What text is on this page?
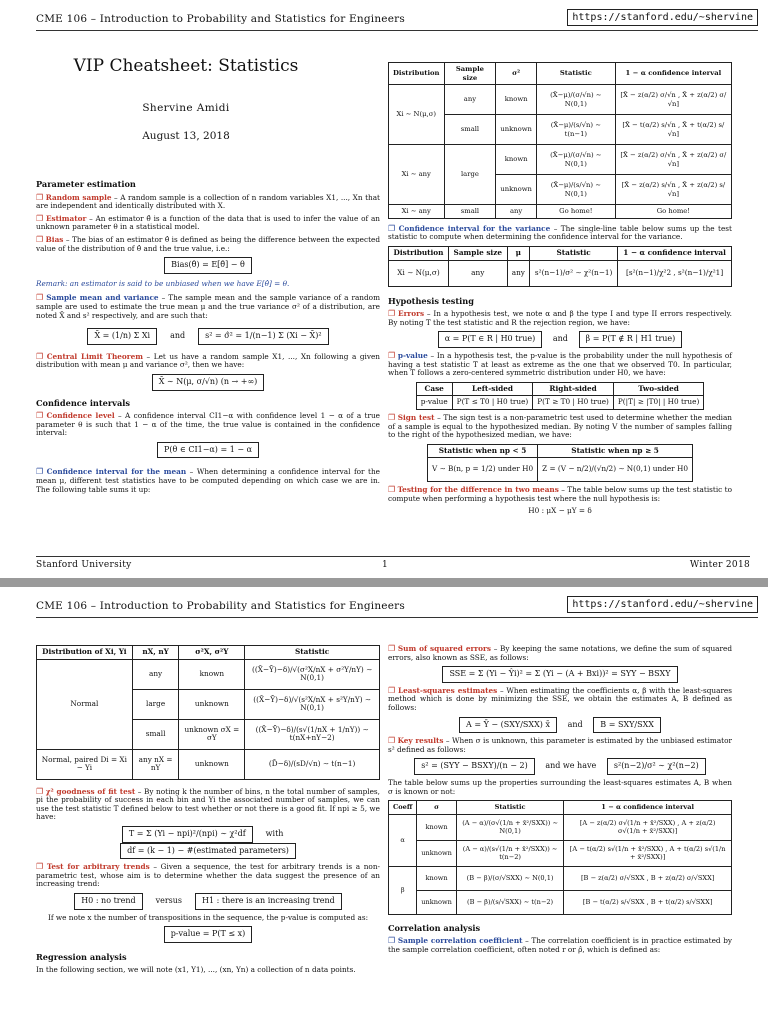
CME 106 – Introduction to Probability and Statistics for Engineers	https://stanford.edu/~shervine
VIP Cheatsheet: Statistics
Shervine Amidi
August 13, 2018
Parameter estimation

❐ Random sample – A random sample is a collection of n random variables X1, ..., Xn that are independent and identically distributed with X.

❐ Estimator – An estimator θ̂ is a function of the data that is used to infer the value of an unknown parameter θ in a statistical model.

❐ Bias – The bias of an estimator θ̂ is defined as being the difference between the expected value of the distribution of θ̂ and the true value, i.e.:

Bias(θ̂) = E[θ̂] − θ
Remark: an estimator is said to be unbiased when we have E[θ̂] = θ.

❐ Sample mean and variance – The sample mean and the sample variance of a random sample are used to estimate the true mean μ and the true variance σ² of a distribution, are noted X̄ and s² respectively, and are such that:

X̄ = (1/n) Σ Xi and s² = σ̂² = 1/(n−1) Σ (Xi − X̄)²

❐ Central Limit Theorem – Let us have a random sample X1, ..., Xn following a given distribution with mean μ and variance σ², then we have:

X̄ ∼ N(μ, σ/√n) (n → +∞)
Confidence intervals

❐ Confidence level – A confidence interval CI1−α with confidence level 1 − α of a true parameter θ is such that 1 − α of the time, the true value is contained in the confidence interval:

P(θ ∈ CI1−α) = 1 − α

❐ Confidence interval for the mean – When determining a confidence interval for the mean μ, different test statistics have to be computed depending on which case we are in. The following table sums it up:

Distribution	Sample size	σ²	Statistic	1 − α confidence interval
Xi ∼ N(μ,σ)	any	known	(X̄−μ)/(σ/√n) ∼ N(0,1)	[X̄ − z(α/2) σ/√n , X̄ + z(α/2) σ/√n]
	small	unknown	(X̄−μ)/(s/√n) ∼ t(n−1)	[X̄ − t(α/2) s/√n , X̄ + t(α/2) s/√n]
Xi ∼ any	large	known	(X̄−μ)/(σ/√n) ∼ N(0,1)	[X̄ − z(α/2) σ/√n , X̄ + z(α/2) σ/√n]
		unknown	(X̄−μ)/(s/√n) ∼ N(0,1)	[X̄ − z(α/2) s/√n , X̄ + z(α/2) s/√n]
Xi ∼ any	small	any	Go home!	Go home!

❐ Confidence interval for the variance – The single-line table below sums up the test statistic to compute when determining the confidence interval for the variance.

Distribution	Sample size	μ	Statistic	1 − α confidence interval
Xi ∼ N(μ,σ)	any	any	s²(n−1)/σ² ∼ χ²(n−1)	[s²(n−1)/χ²2 , s²(n−1)/χ²1]
Hypothesis testing

❐ Errors – In a hypothesis test, we note α and β the type I and type II errors respectively. By noting T the test statistic and R the rejection region, we have:

α = P(T ∈ R | H0 true) and β = P(T ∉ R | H1 true)

❐ p-value – In a hypothesis test, the p-value is the probability under the null hypothesis of having a test statistic T at least as extreme as the one that we observed T0. In particular, when T follows a zero-centered symmetric distribution under H0, we have:

Case	Left-sided	Right-sided	Two-sided
p-value	P(T ≤ T0 | H0 true)	P(T ≥ T0 | H0 true)	P(|T| ≥ |T0| | H0 true)

❐ Sign test – The sign test is a non-parametric test used to determine whether the median of a sample is equal to the hypothesized median. By noting V the number of samples falling to the right of the hypothesized median, we have:

Statistic when np < 5	Statistic when np ≥ 5
V ∼ B(n, p = 1/2) under H0	Z = (V − n/2)/(√n/2) ∼ N(0,1) under H0

❐ Testing for the difference in two means – The table below sums up the test statistic to compute when performing a hypothesis test where the null hypothesis is:

H0 : μX − μY = δ
Stanford University	1	Winter 2018
CME 106 – Introduction to Probability and Statistics for Engineers	https://stanford.edu/~shervine
Distribution of Xi, Yi	nX, nY	σ²X, σ²Y	Statistic
Normal	any	known	((X̄−Ȳ)−δ)/√(σ²X/nX + σ²Y/nY) ∼ N(0,1)
	large	unknown	((X̄−Ȳ)−δ)/√(s²X/nX + s²Y/nY) ∼ N(0,1)
	small	unknown σX = σY	((X̄−Ȳ)−δ)/(s√(1/nX + 1/nY)) ∼ t(nX+nY−2)
Normal, paired Di = Xi − Yi	any nX = nY	unknown	(D̄−δ)/(sD/√n) ∼ t(n−1)

❐ χ² goodness of fit test – By noting k the number of bins, n the total number of samples, pi the probability of success in each bin and Yi the associated number of samples, we can use the test statistic T defined below to test whether or not there is a good fit. If npi ≥ 5, we have:

T = Σ (Yi − npi)²/(npi) ∼ χ²df with   df = (k − 1) − #(estimated parameters)

❐ Test for arbitrary trends – Given a sequence, the test for arbitrary trends is a non-parametric test, whose aim is to determine whether the data suggest the presence of an increasing trend:

H0 : no trend versus H1 : there is an increasing trend

If we note x the number of transpositions in the sequence, the p-value is computed as:

p-value = P(T ≤ x)
Regression analysis

In the following section, we will note (x1, Y1), ..., (xn, Yn) a collection of n data points.

❐ Sum of squared errors – By keeping the same notations, we define the sum of squared errors, also known as SSE, as follows:

SSE = Σ (Yi − Ŷi)² = Σ (Yi − (A + Bxi))² = SYY − BSXY

❐ Least-squares estimates – When estimating the coefficients α, β with the least-squares method which is done by minimizing the SSE, we obtain the estimates A, B defined as follows:

A = Ȳ − (SXY/SXX) x̄ and B = SXY/SXX

❐ Key results – When σ is unknown, this parameter is estimated by the unbiased estimator s² defined as follows:

s² = (SYY − BSXY)/(n − 2) and we have s²(n−2)/σ² ∼ χ²(n−2)

The table below sums up the properties surrounding the least-squares estimates A, B when σ is known or not:

Coeff	σ	Statistic	1 − α confidence interval
α	known	(A − α)/(σ√(1/n + x̄²/SXX)) ∼ N(0,1)	[A − z(α/2) σ√(1/n + x̄²/SXX) , A + z(α/2) σ√(1/n + x̄²/SXX)]
	unknown	(A − α)/(s√(1/n + x̄²/SXX)) ∼ t(n−2)	[A − t(α/2) s√(1/n + x̄²/SXX) , A + t(α/2) s√(1/n + x̄²/SXX)]
β	known	(B − β)/(σ/√SXX) ∼ N(0,1)	[B − z(α/2) σ/√SXX , B + z(α/2) σ/√SXX]
	unknown	(B − β)/(s/√SXX) ∼ t(n−2)	[B − t(α/2) s/√SXX , B + t(α/2) s/√SXX]
Correlation analysis

❐ Sample correlation coefficient – The correlation coefficient is in practice estimated by the sample correlation coefficient, often noted r or ρ̂, which is defined as:
